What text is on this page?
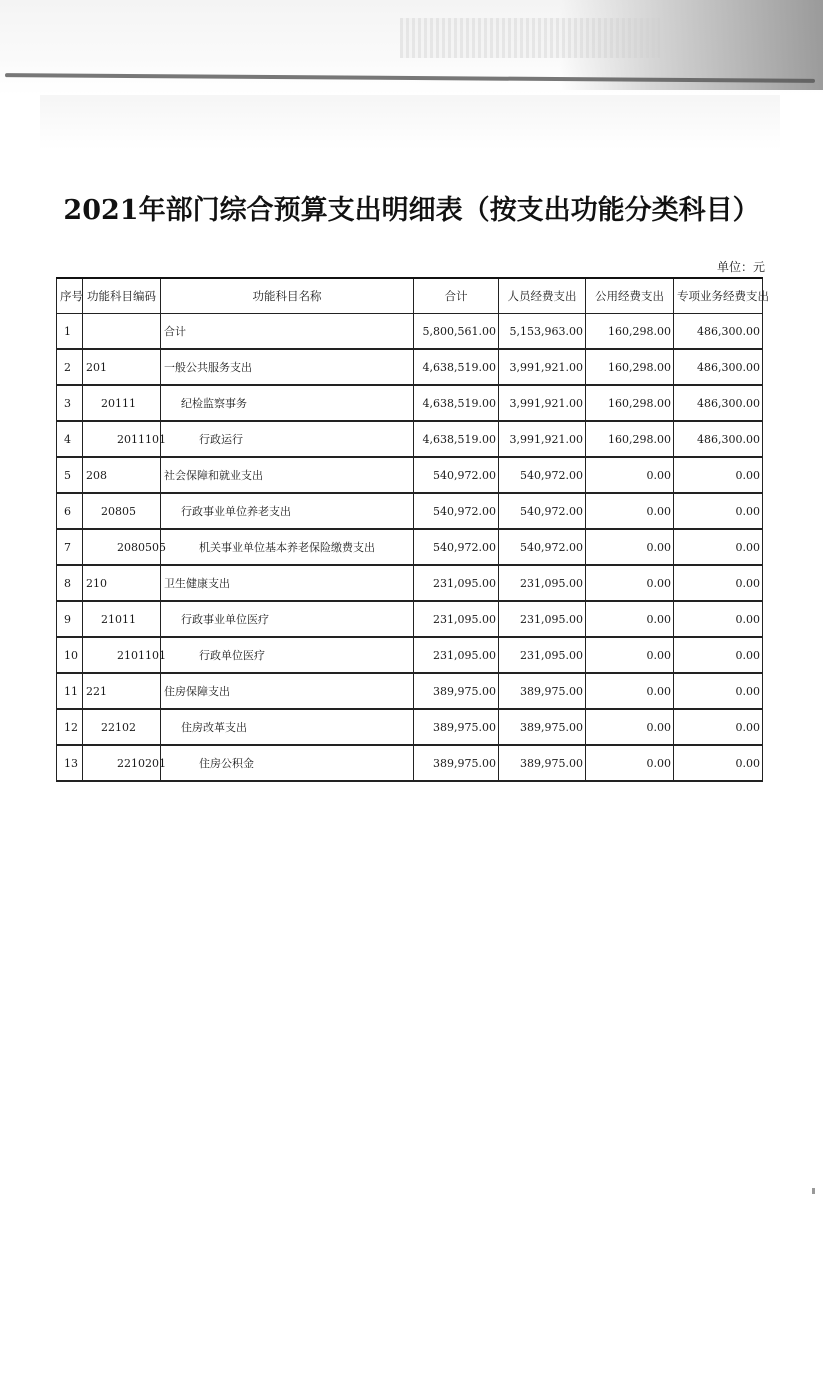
2021年部门综合预算支出明细表（按支出功能分类科目）
单位：元
序号	功能科目编码	功能科目名称	合计	人员经费支出	公用经费支出	专项业务经费支出
1		合计	5,800,561.00	5,153,963.00	160,298.00	486,300.00
2	201	一般公共服务支出	4,638,519.00	3,991,921.00	160,298.00	486,300.00
3	20111	纪检监察事务	4,638,519.00	3,991,921.00	160,298.00	486,300.00
4	2011101	行政运行	4,638,519.00	3,991,921.00	160,298.00	486,300.00
5	208	社会保障和就业支出	540,972.00	540,972.00	0.00	0.00
6	20805	行政事业单位养老支出	540,972.00	540,972.00	0.00	0.00
7	2080505	机关事业单位基本养老保险缴费支出	540,972.00	540,972.00	0.00	0.00
8	210	卫生健康支出	231,095.00	231,095.00	0.00	0.00
9	21011	行政事业单位医疗	231,095.00	231,095.00	0.00	0.00
10	2101101	行政单位医疗	231,095.00	231,095.00	0.00	0.00
11	221	住房保障支出	389,975.00	389,975.00	0.00	0.00
12	22102	住房改革支出	389,975.00	389,975.00	0.00	0.00
13	2210201	住房公积金	389,975.00	389,975.00	0.00	0.00
